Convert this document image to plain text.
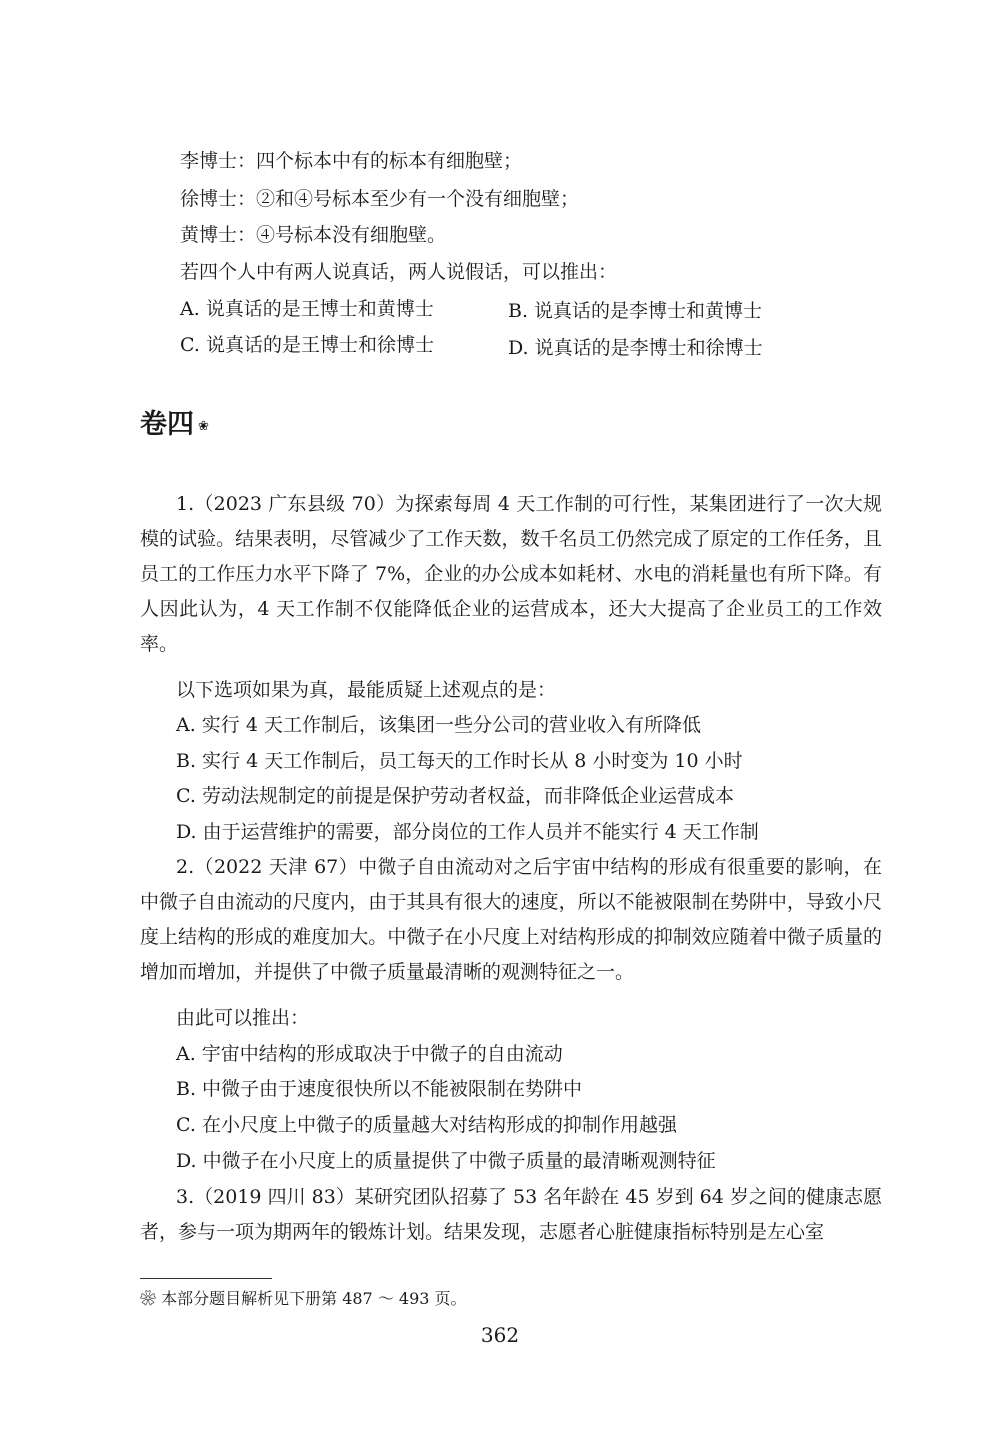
李博士：四个标本中有的标本有细胞壁；
徐博士：②和④号标本至少有一个没有细胞壁；
黄博士：④号标本没有细胞壁。
若四个人中有两人说真话，两人说假话，可以推出：
A. 说真话的是王博士和黄博士	B. 说真话的是李博士和黄博士
C. 说真话的是王博士和徐博士	D. 说真话的是李博士和徐博士
卷四 ❀
1.（2023 广东县级 70）为探索每周 4 天工作制的可行性，某集团进行了一次大规模的试验。结果表明，尽管减少了工作天数，数千名员工仍然完成了原定的工作任务，且员工的工作压力水平下降了 7%，企业的办公成本如耗材、水电的消耗量也有所下降。有人因此认为，4 天工作制不仅能降低企业的运营成本，还大大提高了企业员工的工作效率。
以下选项如果为真，最能质疑上述观点的是：
A. 实行 4 天工作制后，该集团一些分公司的营业收入有所降低
B. 实行 4 天工作制后，员工每天的工作时长从 8 小时变为 10 小时
C. 劳动法规制定的前提是保护劳动者权益，而非降低企业运营成本
D. 由于运营维护的需要，部分岗位的工作人员并不能实行 4 天工作制
2.（2022 天津 67）中微子自由流动对之后宇宙中结构的形成有很重要的影响，在中微子自由流动的尺度内，由于其具有很大的速度，所以不能被限制在势阱中，导致小尺度上结构的形成的难度加大。中微子在小尺度上对结构形成的抑制效应随着中微子质量的增加而增加，并提供了中微子质量最清晰的观测特征之一。
由此可以推出：
A. 宇宙中结构的形成取决于中微子的自由流动
B. 中微子由于速度很快所以不能被限制在势阱中
C. 在小尺度上中微子的质量越大对结构形成的抑制作用越强
D. 中微子在小尺度上的质量提供了中微子质量的最清晰观测特征
3.（2019 四川 83）某研究团队招募了 53 名年龄在 45 岁到 64 岁之间的健康志愿者，参与一项为期两年的锻炼计划。结果发现，志愿者心脏健康指标特别是左心室
❀ 本部分题目解析见下册第 487 ～ 493 页。
362
